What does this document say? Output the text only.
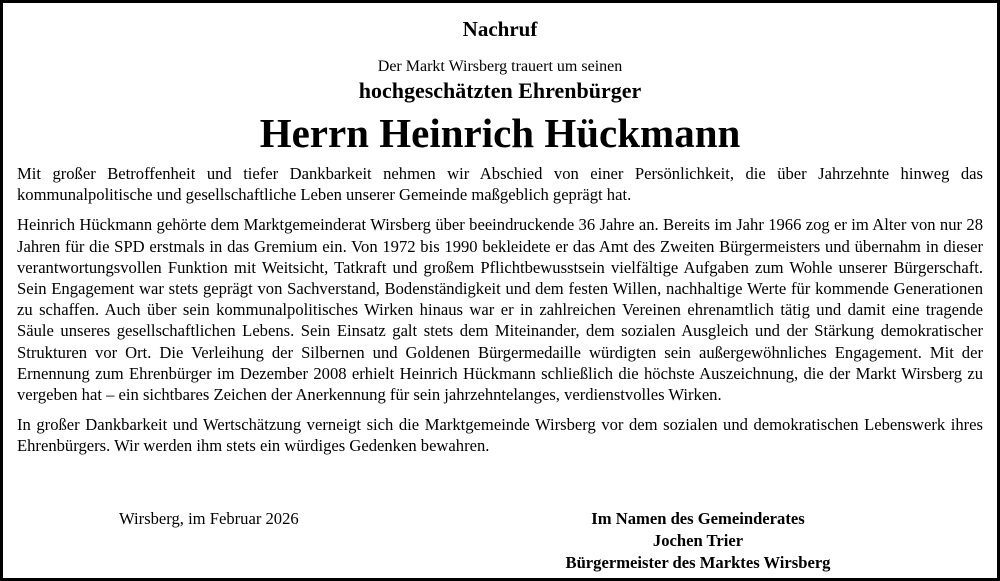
Nachruf

Der Markt Wirsberg trauert um seinen

hochgeschätzten Ehrenbürger

Herrn Heinrich Hückmann

Mit großer Betroffenheit und tiefer Dankbarkeit nehmen wir Abschied von einer Persönlichkeit, die über Jahrzehnte hinweg das kommunalpolitische und gesellschaftliche Leben unserer Gemeinde maßgeblich geprägt hat.

Heinrich Hückmann gehörte dem Marktgemeinderat Wirsberg über beeindruckende 36 Jahre an. Bereits im Jahr 1966 zog er im Alter von nur 28 Jahren für die SPD erstmals in das Gremium ein. Von 1972 bis 1990 bekleidete er das Amt des Zweiten Bürgermeisters und übernahm in dieser verantwortungsvollen Funktion mit Weitsicht, Tatkraft und großem Pflichtbewusstsein vielfältige Aufgaben zum Wohle unserer Bürgerschaft. Sein Engagement war stets geprägt von Sachverstand, Bodenständigkeit und dem festen Willen, nachhaltige Werte für kommende Generationen zu schaffen. Auch über sein kommunalpolitisches Wirken hinaus war er in zahlreichen Vereinen ehrenamtlich tätig und damit eine tragende Säule unseres gesellschaftlichen Lebens. Sein Einsatz galt stets dem Miteinander, dem sozialen Ausgleich und der Stärkung demokratischer Strukturen vor Ort. Die Verleihung der Silbernen und Goldenen Bürgermedaille würdigten sein außergewöhnliches Engagement. Mit der Ernennung zum Ehrenbürger im Dezember 2008 erhielt Heinrich Hückmann schließlich die höchste Auszeichnung, die der Markt Wirsberg zu vergeben hat – ein sichtbares Zeichen der Anerkennung für sein jahrzehntelanges, verdienstvolles Wirken.

In großer Dankbarkeit und Wertschätzung verneigt sich die Marktgemeinde Wirsberg vor dem sozialen und demokratischen Lebenswerk ihres Ehrenbürgers. Wir werden ihm stets ein würdiges Gedenken bewahren.

Wirsberg, im Februar 2026	Im Namen des Gemeinderates
Jochen Trier
Bürgermeister des Marktes Wirsberg
